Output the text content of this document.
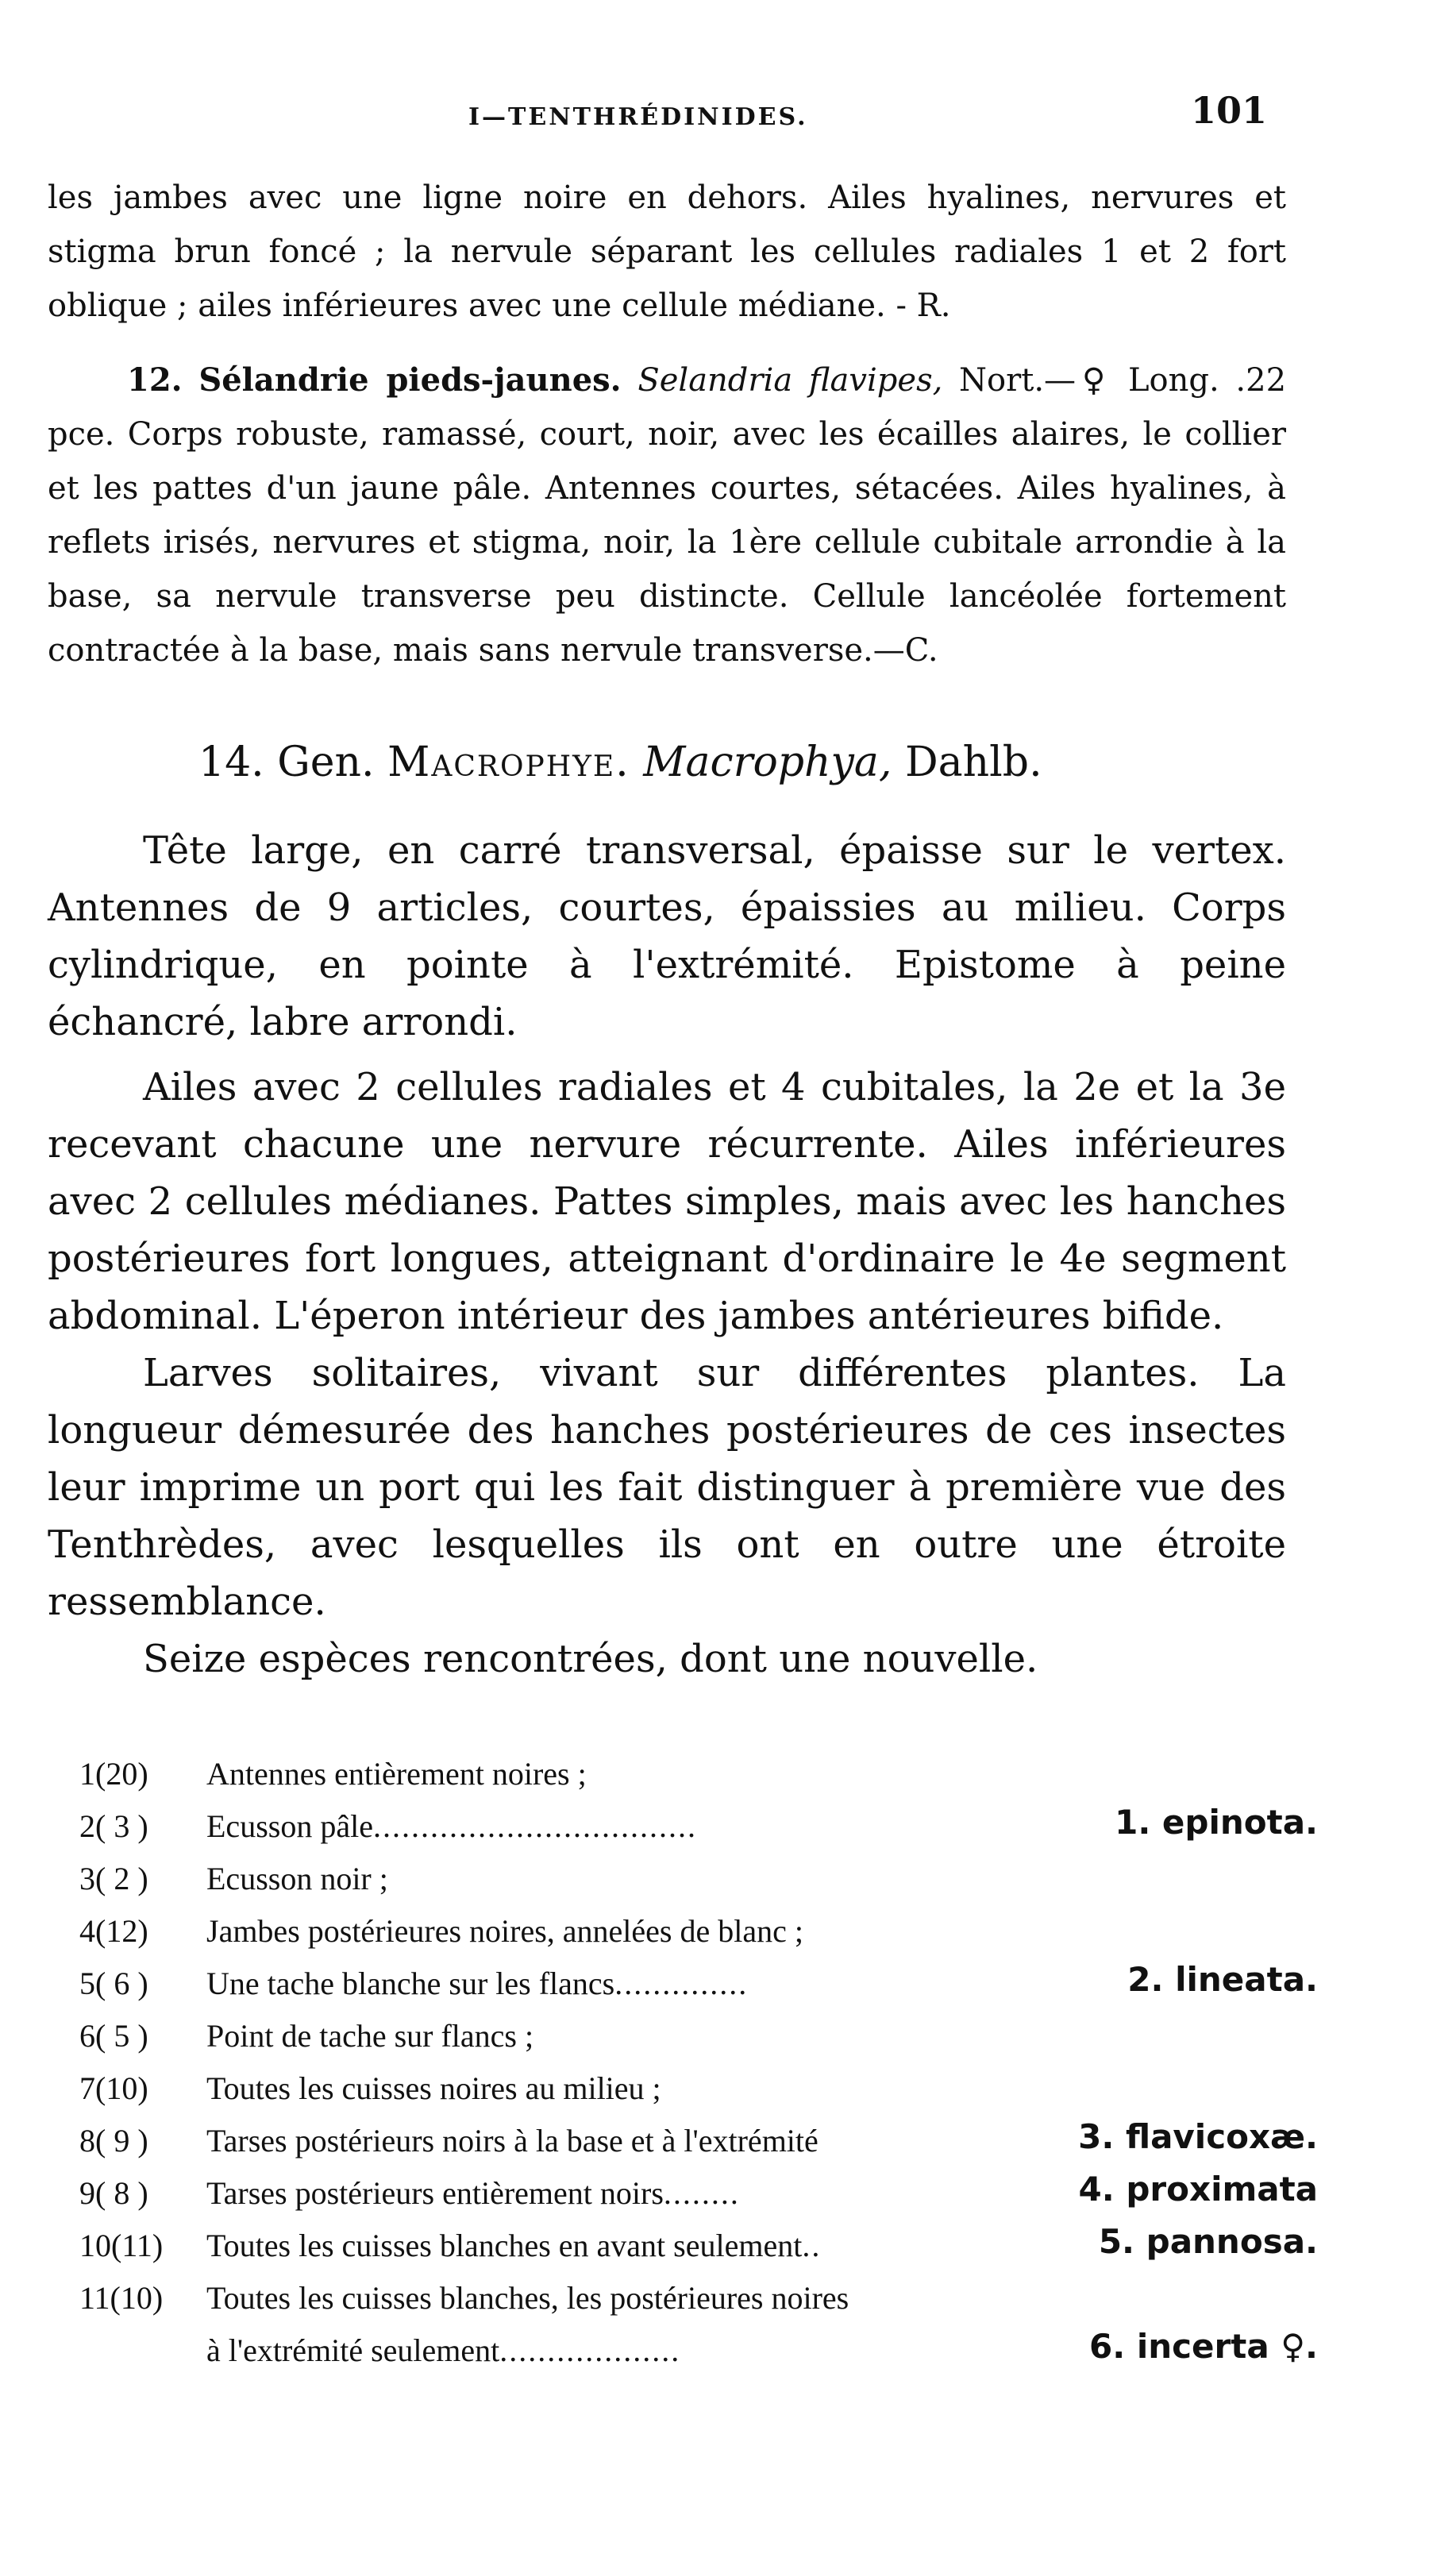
I—TENTHRÉDINIDES.	101

les jambes avec une ligne noire en dehors. Ailes hyalines, nervures et stigma brun foncé ; la nervule séparant les cellules radiales 1 et 2 fort oblique ; ailes inférieures avec une cellule médiane. - R.

12. Sélandrie pieds-jaunes. Selandria flavipes, Nort.—♀ Long. .22 pce. Corps robuste, ramassé, court, noir, avec les écailles alaires, le collier et les pattes d'un jaune pâle. Antennes courtes, sétacées. Ailes hyalines, à reflets irisés, nervures et stigma, noir, la 1ère cellule cubitale arrondie à la base, sa nervule transverse peu distincte. Cellule lancéolée fortement contractée à la base, mais sans nervule transverse.—C.

14. Gen. Macrophye. Macrophya, Dahlb.

Tête large, en carré transversal, épaisse sur le vertex. Antennes de 9 articles, courtes, épaissies au milieu. Corps cylindrique, en pointe à l'extrémité. Epistome à peine échancré, labre arrondi.

Ailes avec 2 cellules radiales et 4 cubitales, la 2e et la 3e recevant chacune une nervure récurrente. Ailes inférieures avec 2 cellules médianes. Pattes simples, mais avec les hanches postérieures fort longues, atteignant d'ordinaire le 4e segment abdominal. L'éperon intérieur des jambes antérieures bifide.

Larves solitaires, vivant sur différentes plantes. La longueur démesurée des hanches postérieures de ces insectes leur imprime un port qui les fait distinguer à première vue des Tenthrèdes, avec lesquelles ils ont en outre une étroite ressemblance.

Seize espèces rencontrées, dont une nouvelle.

1(20)	Antennes entièrement noires ;
2( 3 )	Ecusson pâle..................................	1. epinota.
3( 2 )	Ecusson noir ;
4(12)	Jambes postérieures noires, annelées de blanc ;
5( 6 )	Une tache blanche sur les flancs..............	2. lineata.
6( 5 )	Point de tache sur flancs ;
7(10)	Toutes les cuisses noires au milieu ;
8( 9 )	Tarses postérieurs noirs à la base et à l'extrémité	3. flavicoxæ.
9( 8 )	Tarses postérieurs entièrement noirs........	4. proximata
10(11)	Toutes les cuisses blanches en avant seulement..	5. pannosa.
11(10)	Toutes les cuisses blanches, les postérieures noires
à l'extrémité seulement...................	6. incerta ♀.
